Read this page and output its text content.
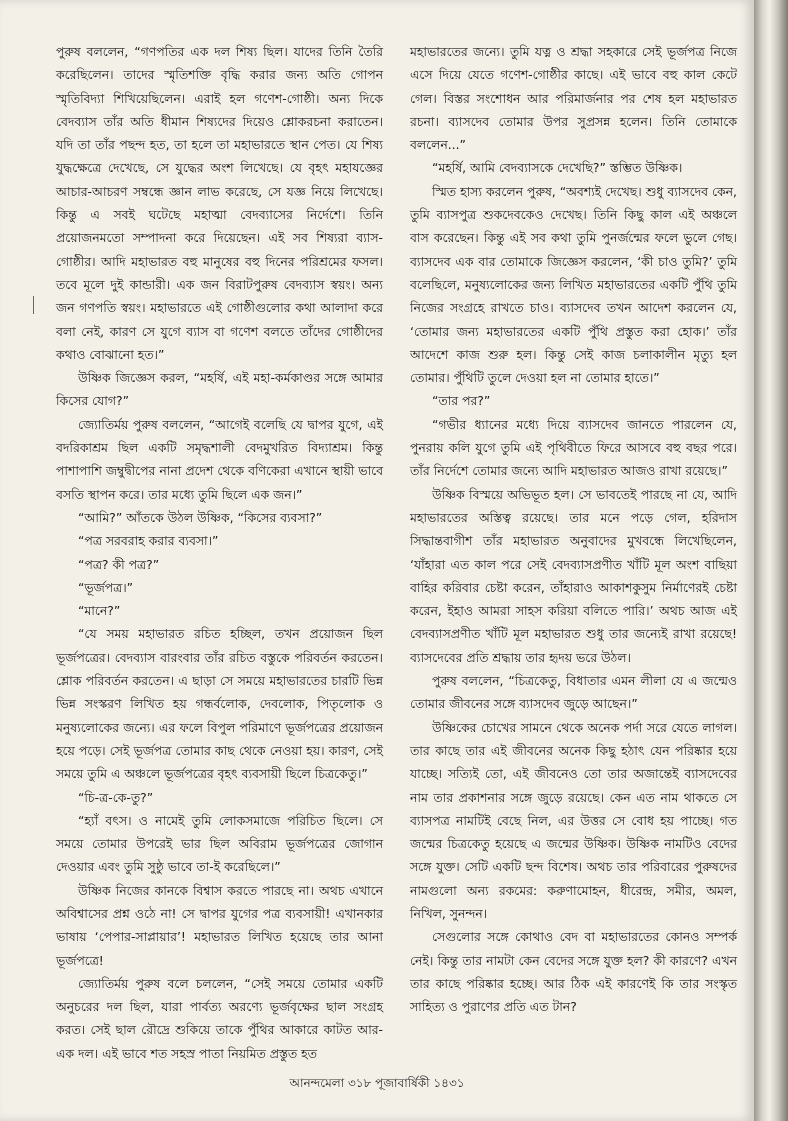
পুরুষ বললেন, “গণপতির এক দল শিষ্য ছিল। যাদের তিনি তৈরি করেছিলেন। তাদের স্মৃতিশক্তি বৃদ্ধি করার জন্য অতি গোপন স্মৃতিবিদ্যা শিখিয়েছিলেন। এরাই হল গণেশ-গোষ্ঠী। অন্য দিকে বেদব্যাস তাঁর অতি ধীমান শিষ্যদের দিয়েও শ্লোকরচনা করাতেন। যদি তা তাঁর পছন্দ হত, তা হলে তা মহাভারতে স্থান পেত। যে শিষ্য যুদ্ধক্ষেত্রে দেখেছে, সে যুদ্ধের অংশ লিখেছে। যে বৃহৎ মহাযজ্ঞের আচার-আচরণ সম্বন্ধে জ্ঞান লাভ করেছে, সে যজ্ঞ নিয়ে লিখেছে। কিন্তু এ সবই ঘটেছে মহাত্মা বেদব্যাসের নির্দেশে। তিনি প্রয়োজনমতো সম্পাদনা করে দিয়েছেন। এই সব শিষ্যরা ব্যাস-গোষ্ঠীর। আদি মহাভারত বহু মানুষের বহু দিনের পরিশ্রমের ফসল। তবে মূলে দুই কান্ডারী। এক জন বিরাটপুরুষ বেদব্যাস স্বয়ং। অন্য জন গণপতি স্বয়ং। মহাভারতে এই গোষ্ঠীগুলোর কথা আলাদা করে বলা নেই, কারণ সে যুগে ব্যাস বা গণেশ বলতে তাঁদের গোষ্ঠীদের কথাও বোঝানো হত।”

উষ্ণিক জিজ্ঞেস করল, “মহর্ষি, এই মহা-কর্মকাণ্ডর সঙ্গে আমার কিসের যোগ?”

জ্যোতির্ময় পুরুষ বললেন, “আগেই বলেছি যে দ্বাপর যুগে, এই বদরিকাশ্রম ছিল একটি সমৃদ্ধশালী বেদমুখরিত বিদ্যাশ্রম। কিন্তু পাশাপাশি জম্বুদ্বীপের নানা প্রদেশ থেকে বণিকেরা এখানে স্থায়ী ভাবে বসতি স্থাপন করে। তার মধ্যে তুমি ছিলে এক জন।”

“আমি?” আঁতকে উঠল উষ্ণিক, “কিসের ব্যবসা?”

“পত্র সরবরাহ করার ব্যবসা।”

“পত্র? কী পত্র?”

“ভূর্জপত্র।”

“মানে?”

“যে সময় মহাভারত রচিত হচ্ছিল, তখন প্রয়োজন ছিল ভূর্জপত্রের। বেদব্যাস বারংবার তাঁর রচিত বস্তুকে পরিবর্তন করতেন। শ্লোক পরিবর্তন করতেন। এ ছাড়া সে সময়ে মহাভারতের চারটি ভিন্ন ভিন্ন সংস্করণ লিখিত হয় গন্ধর্বলোক, দেবলোক, পিতৃলোক ও মনুষ্যলোকের জন্যে। এর ফলে বিপুল পরিমাণে ভূর্জপত্রের প্রয়োজন হয়ে পড়ে। সেই ভূর্জপত্র তোমার কাছ থেকে নেওয়া হয়। কারণ, সেই সময়ে তুমি এ অঞ্চলে ভূর্জপত্রের বৃহৎ ব্যবসায়ী ছিলে চিত্রকেতু।”

“চি-ত্র-কে-তু?”

“হ্যাঁ বৎস। ও নামেই তুমি লোকসমাজে পরিচিত ছিলে। সে সময়ে তোমার উপরেই ভার ছিল অবিরাম ভূর্জপত্রের জোগান দেওয়ার এবং তুমি সুষ্ঠু ভাবে তা-ই করেছিলে।”

উষ্ণিক নিজের কানকে বিশ্বাস করতে পারছে না। অথচ এখানে অবিশ্বাসের প্রশ্ন ওঠে না! সে দ্বাপর যুগের পত্র ব্যবসায়ী! এখানকার ভাষায় ‘পেপার-সাপ্লায়ার’! মহাভারত লিখিত হয়েছে তার আনা ভূর্জপত্রে!

জ্যোতির্ময় পুরুষ বলে চললেন, “সেই সময়ে তোমার একটি অনুচরের দল ছিল, যারা পার্বত্য অরণ্যে ভূর্জবৃক্ষের ছাল সংগ্রহ করত। সেই ছাল রৌদ্রে শুকিয়ে তাকে পুঁথির আকারে কাটত আর-এক দল। এই ভাবে শত সহস্র পাতা নিয়মিত প্রস্তুত হত

মহাভারতের জন্যে। তুমি যত্ন ও শ্রদ্ধা সহকারে সেই ভূর্জপত্র নিজে এসে দিয়ে যেতে গণেশ-গোষ্ঠীর কাছে। এই ভাবে বহু কাল কেটে গেল। বিস্তর সংশোধন আর পরিমার্জনার পর শেষ হল মহাভারত রচনা। ব্যাসদেব তোমার উপর সুপ্রসন্ন হলেন। তিনি তোমাকে বললেন...”

“মহর্ষি, আমি বেদব্যাসকে দেখেছি?” স্তম্ভিত উষ্ণিক।

স্মিত হাস্য করলেন পুরুষ, “অবশ্যই দেখেছ। শুধু ব্যাসদেব কেন, তুমি ব্যাসপুত্র শুকদেবকেও দেখেছ। তিনি কিছু কাল এই অঞ্চলে বাস করেছেন। কিন্তু এই সব কথা তুমি পুনর্জন্মের ফলে ভুলে গেছ। ব্যাসদেব এক বার তোমাকে জিজ্ঞেস করলেন, ‘কী চাও তুমি?’ তুমি বলেছিলে, মনুষ্যলোকের জন্য লিখিত মহাভারতের একটি পুঁথি তুমি নিজের সংগ্রহে রাখতে চাও। ব্যাসদেব তখন আদেশ করলেন যে, ‘তোমার জন্য মহাভারতের একটি পুঁথি প্রস্তুত করা হোক।’ তাঁর আদেশে কাজ শুরু হল। কিন্তু সেই কাজ চলাকালীন মৃত্যু হল তোমার। পুঁথিটি তুলে দেওয়া হল না তোমার হাতে।”

“তার পর?”

“গভীর ধ্যানের মধ্যে দিয়ে ব্যাসদেব জানতে পারলেন যে, পুনরায় কলি যুগে তুমি এই পৃথিবীতে ফিরে আসবে বহু বছর পরে। তাঁর নির্দেশে তোমার জন্যে আদি মহাভারত আজও রাখা রয়েছে।”

উষ্ণিক বিস্ময়ে অভিভূত হল। সে ভাবতেই পারছে না যে, আদি মহাভারতের অস্তিত্ব রয়েছে। তার মনে পড়ে গেল, হরিদাস সিদ্ধান্তবাগীশ তাঁর মহাভারত অনুবাদের মুখবন্ধে লিখেছিলেন, ‘যাঁহারা এত কাল পরে সেই বেদব্যাসপ্রণীত খাঁটি মূল অংশ বাছিয়া বাহির করিবার চেষ্টা করেন, তাঁহারাও আকাশকুসুম নির্মাণেরই চেষ্টা করেন, ইহাও আমরা সাহস করিয়া বলিতে পারি।’ অথচ আজ এই বেদব্যাসপ্রণীত খাঁটি মূল মহাভারত শুধু তার জন্যেই রাখা রয়েছে! ব্যাসদেবের প্রতি শ্রদ্ধায় তার হৃদয় ভরে উঠল।

পুরুষ বললেন, “চিত্রকেতু, বিধাতার এমন লীলা যে এ জন্মেও তোমার জীবনের সঙ্গে ব্যাসদেব জুড়ে আছেন।”

উষ্ণিকের চোখের সামনে থেকে অনেক পর্দা সরে যেতে লাগল। তার কাছে তার এই জীবনের অনেক কিছু হঠাৎ যেন পরিষ্কার হয়ে যাচ্ছে। সত্যিই তো, এই জীবনেও তো তার অজান্তেই ব্যাসদেবের নাম তার প্রকাশনার সঙ্গে জুড়ে রয়েছে। কেন এত নাম থাকতে সে ব্যাসপত্র নামটিই বেছে নিল, এর উত্তর সে বোধ হয় পাচ্ছে। গত জন্মের চিত্রকেতু হয়েছে এ জন্মের উষ্ণিক। উষ্ণিক নামটিও বেদের সঙ্গে যুক্ত। সেটি একটি ছন্দ বিশেষ। অথচ তার পরিবারের পুরুষদের নামগুলো অন্য রকমের: করুণামোহন, ধীরেন্দ্র, সমীর, অমল, নিখিল, সুনন্দন।

সেগুলোর সঙ্গে কোথাও বেদ বা মহাভারতের কোনও সম্পর্ক নেই। কিন্তু তার নামটা কেন বেদের সঙ্গে যুক্ত হল? কী কারণে? এখন তার কাছে পরিষ্কার হচ্ছে। আর ঠিক এই কারণেই কি তার সংস্কৃত সাহিত্য ও পুরাণের প্রতি এত টান?

আনন্দমেলা ৩১৮ পূজাবার্ষিকী ১৪৩১
